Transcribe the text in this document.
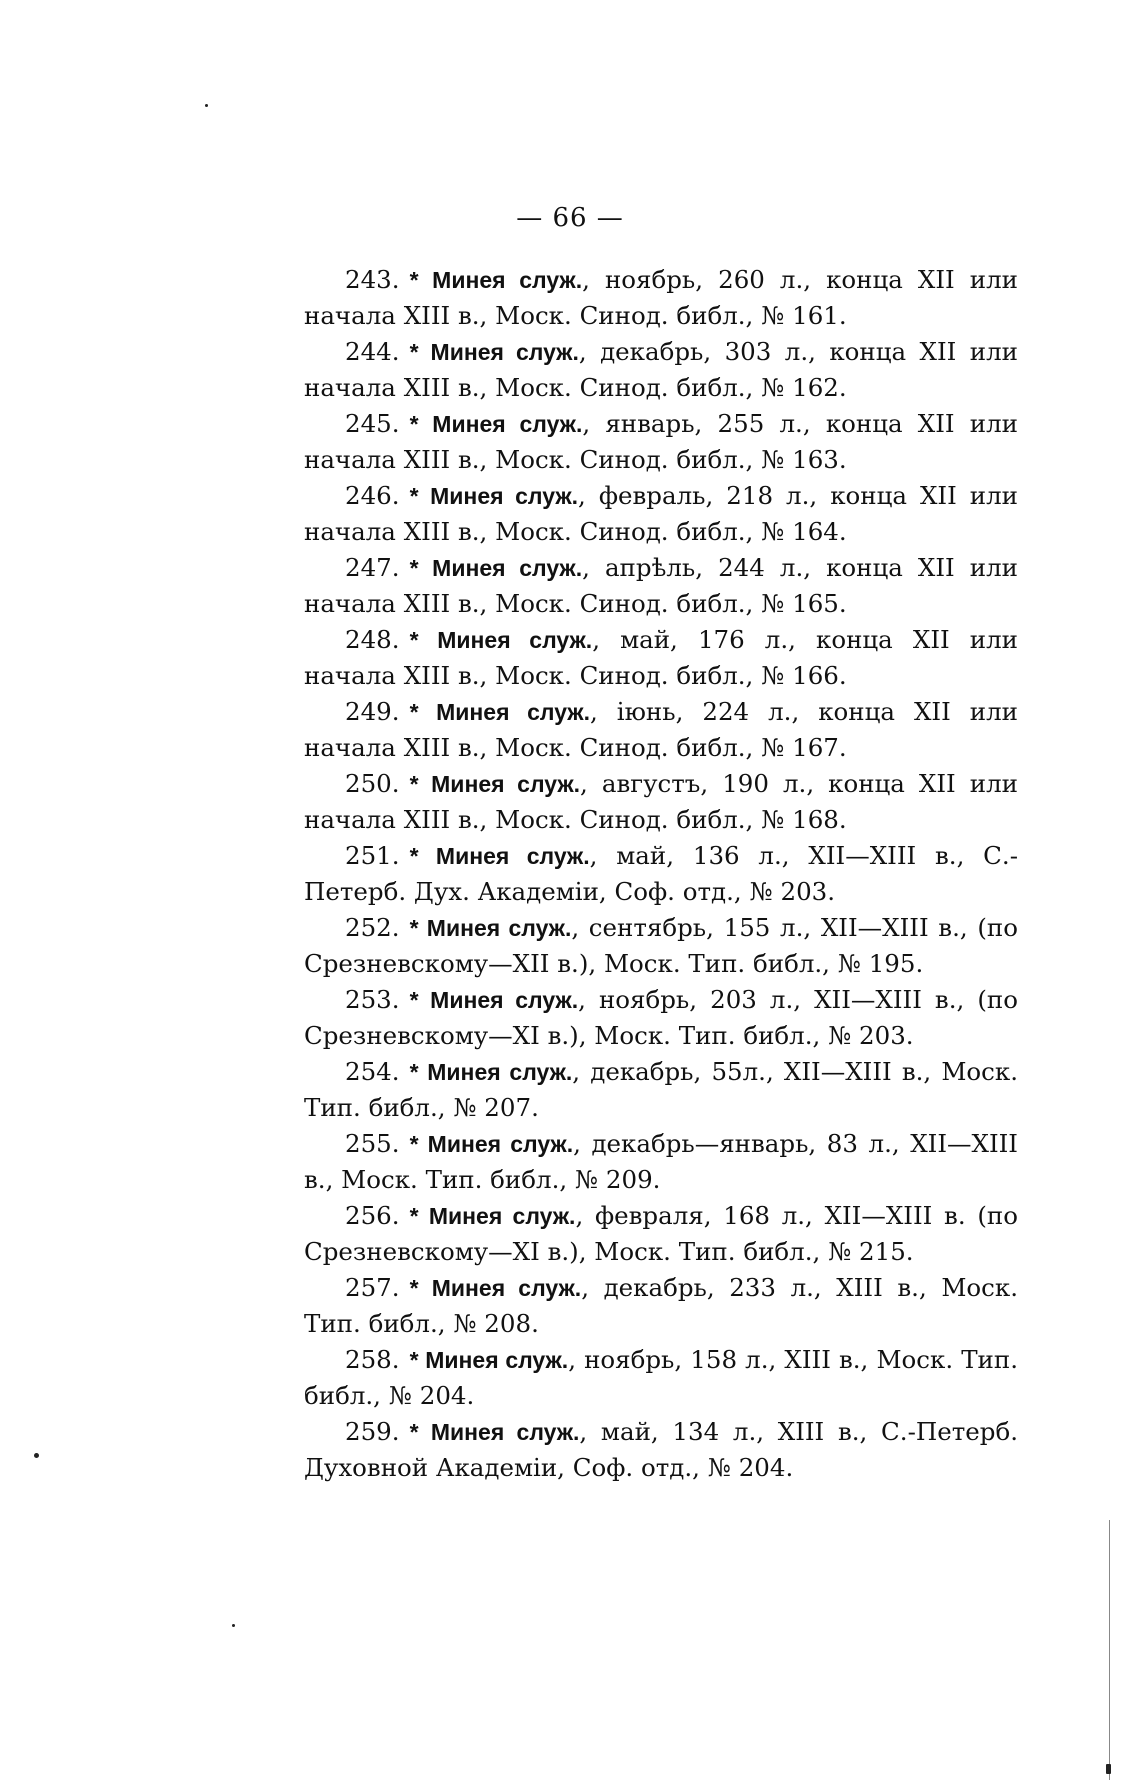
— 66 —

243. * Минея служ., ноябрь, 260 л., конца XII или начала XIII в., Моск. Синод. библ., № 161.

244. * Минея служ., декабрь, 303 л., конца XII или начала XIII в., Моск. Синод. библ., № 162.

245. * Минея служ., январь, 255 л., конца XII или начала XIII в., Моск. Синод. библ., № 163.

246. * Минея служ., февраль, 218 л., конца XII или начала XIII в., Моск. Синод. библ., № 164.

247. * Минея служ., апрѣль, 244 л., конца XII или начала XIII в., Моск. Синод. библ., № 165.

248. * Минея служ., май, 176 л., конца XII или начала XIII в., Моск. Синод. библ., № 166.

249. * Минея служ., іюнь, 224 л., конца XII или начала XIII в., Моск. Синод. библ., № 167.

250. * Минея служ., августъ, 190 л., конца XII или начала XIII в., Моск. Синод. библ., № 168.

251. * Минея служ., май, 136 л., XII—XIII в., С.-Петерб. Дух. Академіи, Соф. отд., № 203.

252. * Минея служ., сентябрь, 155 л., XII—XIII в., (по Срезневскому—XII в.), Моск. Тип. библ., № 195.

253. * Минея служ., ноябрь, 203 л., XII—XIII в., (по Срезневскому—XI в.), Моск. Тип. библ., № 203.

254. * Минея служ., декабрь, 55л., XII—XIII в., Моск. Тип. библ., № 207.

255. * Минея служ., декабрь—январь, 83 л., XII—XIII в., Моск. Тип. библ., № 209.

256. * Минея служ., февраля, 168 л., XII—XIII в. (по Срезневскому—XI в.), Моск. Тип. библ., № 215.

257. * Минея служ., декабрь, 233 л., XIII в., Моск. Тип. библ., № 208.

258. * Минея служ., ноябрь, 158 л., XIII в., Моск. Тип. библ., № 204.

259. * Минея служ., май, 134 л., XIII в., С.-Петерб. Духовной Академіи, Соф. отд., № 204.
